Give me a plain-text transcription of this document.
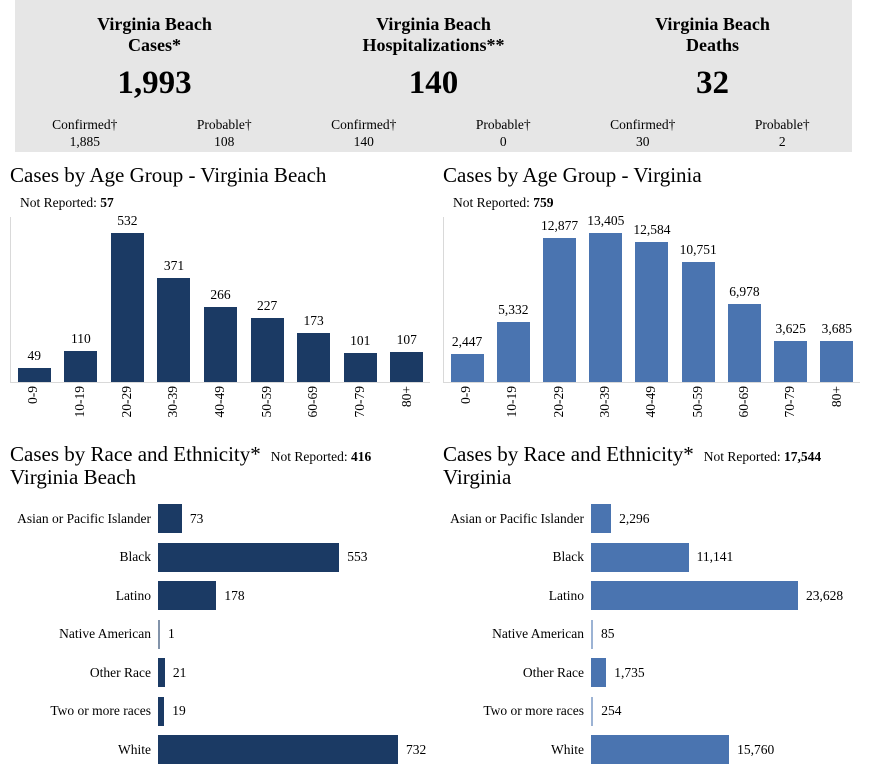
Virginia Beach
Cases*
Virginia Beach
Hospitalizations**
Virginia Beach
Deaths
1,993	140	32
Confirmed†
1,885
Probable†
108
Confirmed†
140
Probable†
0
Confirmed†
30
Probable†
2
Cases by Age Group - Virginia Beach
Not Reported: 57
49
110
532
371
266
227
173
101 107
0-9 10-19 20-29 30-39 40-49 50-59 60-69 70-79 80+
Cases by Age Group - Virginia
Not Reported: 759
2,447
5,332
12,877 13,405
12,584
10,751
6,978
3,625 3,685
0-9 10-19 20-29 30-39 40-49 50-59 60-69 70-79 80+
Cases by Race and Ethnicity* Not Reported: 416
Virginia Beach
Asian or Pacific Islander	73
Black	553
Latino	178
Native American	1
Other Race	21
Two or more races	19
White	732
Cases by Race and Ethnicity* Not Reported: 17,544
Virginia
Asian or Pacific Islander	2,296
Black	11,141
Latino	23,628
Native American	85
Other Race	1,735
Two or more races	254
White	15,760
